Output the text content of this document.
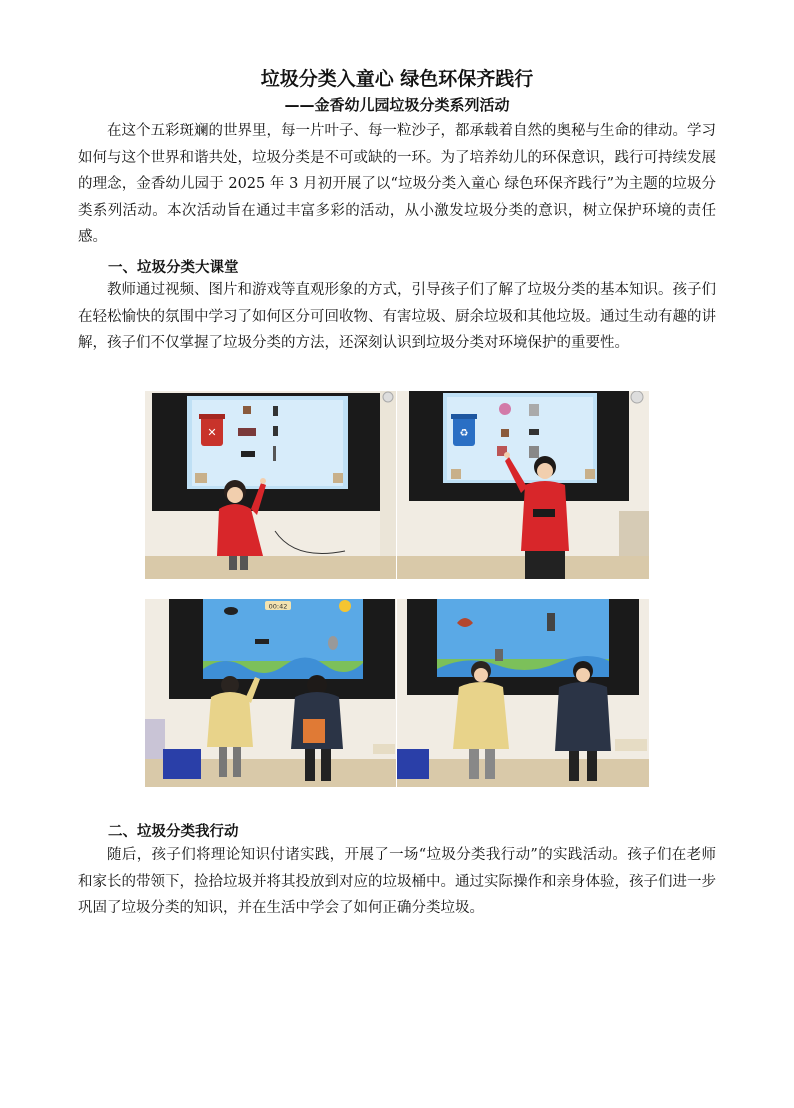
垃圾分类入童心 绿色环保齐践行
——金香幼儿园垃圾分类系列活动

在这个五彩斑斓的世界里，每一片叶子、每一粒沙子，都承载着自然的奥秘与生命的律动。学习如何与这个世界和谐共处，垃圾分类是不可或缺的一环。为了培养幼儿的环保意识，践行可持续发展的理念，金香幼儿园于 2025 年 3 月初开展了以“垃圾分类入童心 绿色环保齐践行”为主题的垃圾分类系列活动。本次活动旨在通过丰富多彩的活动，从小激发垃圾分类的意识，树立保护环境的责任感。

一、垃圾分类大课堂

教师通过视频、图片和游戏等直观形象的方式，引导孩子们了解了垃圾分类的基本知识。孩子们在轻松愉快的氛围中学习了如何区分可回收物、有害垃圾、厨余垃圾和其他垃圾。通过生动有趣的讲解，孩子们不仅掌握了垃圾分类的方法，还深刻认识到垃圾分类对环境保护的重要性。

✕	♻
00:42
二、垃圾分类我行动

随后，孩子们将理论知识付诸实践，开展了一场“垃圾分类我行动”的实践活动。孩子们在老师和家长的带领下，捡拾垃圾并将其投放到对应的垃圾桶中。通过实际操作和亲身体验，孩子们进一步巩固了垃圾分类的知识，并在生活中学会了如何正确分类垃圾。
